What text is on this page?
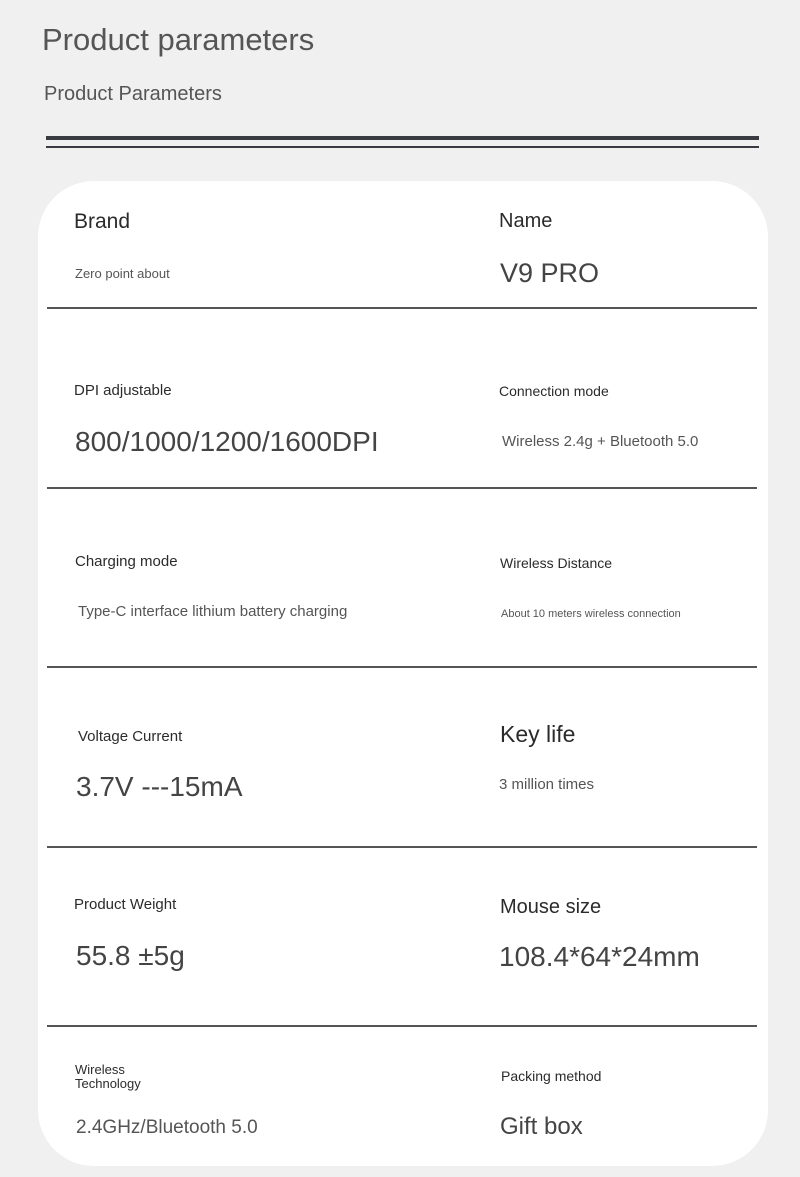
Product parameters

Product Parameters

Brand
Zero point about
Name
V9 PRO
DPI adjustable
800/1000/1200/1600DPI
Connection mode
Wireless 2.4g + Bluetooth 5.0
Charging mode
Type-C interface lithium battery charging
Wireless Distance
About 10 meters wireless connection
Voltage Current
3.7V ---15mA
Key life
3 million times
Product Weight
55.8 ±5g
Mouse size
108.4*64*24mm
Wireless
Technology
2.4GHz/Bluetooth 5.0
Packing method
Gift box
